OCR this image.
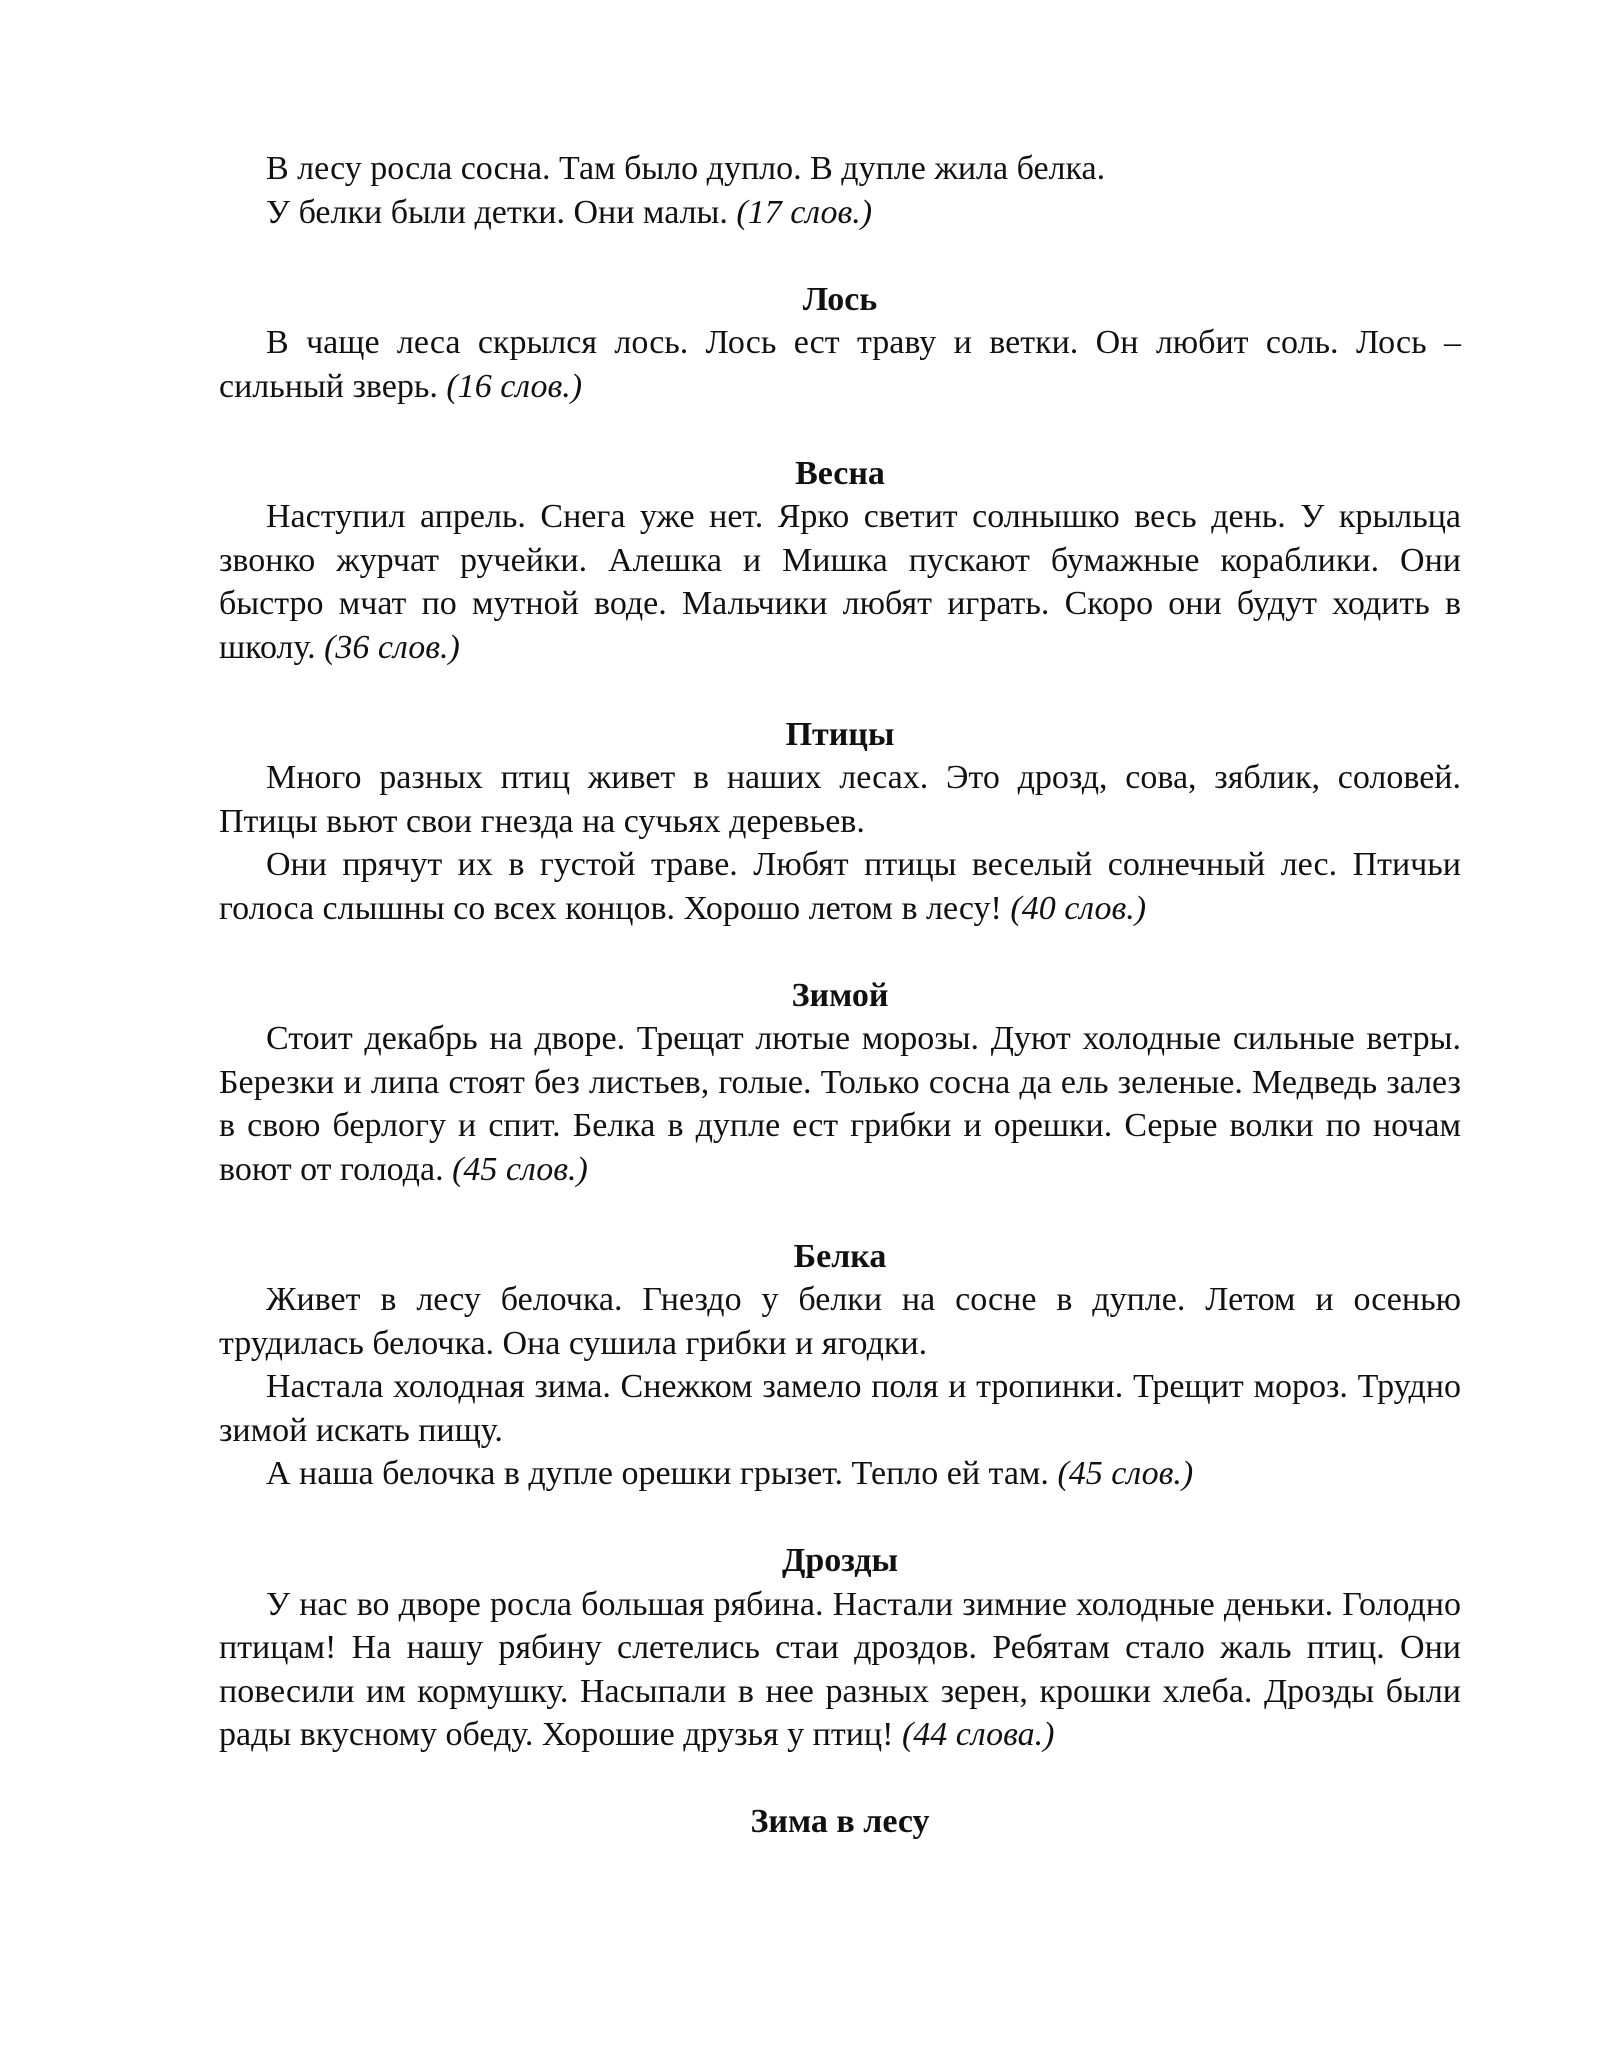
В лесу росла сосна. Там было дупло. В дупле жила белка.

У белки были детки. Они малы. (17 слов.)

Лось

В чаще леса скрылся лось. Лось ест траву и ветки. Он любит соль. Лось – сильный зверь. (16 слов.)

Весна

Наступил апрель. Снега уже нет. Ярко светит солнышко весь день. У крыльца звонко журчат ручейки. Алешка и Мишка пускают бумажные кораблики. Они быстро мчат по мутной воде. Мальчики любят играть. Скоро они будут ходить в школу. (36 слов.)

Птицы

Много разных птиц живет в наших лесах. Это дрозд, сова, зяблик, соловей. Птицы вьют свои гнезда на сучьях деревьев.

Они прячут их в густой траве. Любят птицы веселый солнечный лес. Птичьи голоса слышны со всех концов. Хорошо летом в лесу! (40 слов.)

Зимой

Стоит декабрь на дворе. Трещат лютые морозы. Дуют холодные сильные ветры. Березки и липа стоят без листьев, голые. Только сосна да ель зеленые. Медведь залез в свою берлогу и спит. Белка в дупле ест грибки и орешки. Серые волки по ночам воют от голода. (45 слов.)

Белка

Живет в лесу белочка. Гнездо у белки на сосне в дупле. Летом и осенью трудилась белочка. Она сушила грибки и ягодки.

Настала холодная зима. Снежком замело поля и тропинки. Трещит мороз. Трудно зимой искать пищу.

А наша белочка в дупле орешки грызет. Тепло ей там. (45 слов.)

Дрозды

У нас во дворе росла большая рябина. Настали зимние холодные деньки. Голодно птицам! На нашу рябину слетелись стаи дроздов. Ребятам стало жаль птиц. Они повесили им кормушку. Насыпали в нее разных зерен, крошки хлеба. Дрозды были рады вкусному обеду. Хорошие друзья у птиц! (44 слова.)

Зима в лесу
